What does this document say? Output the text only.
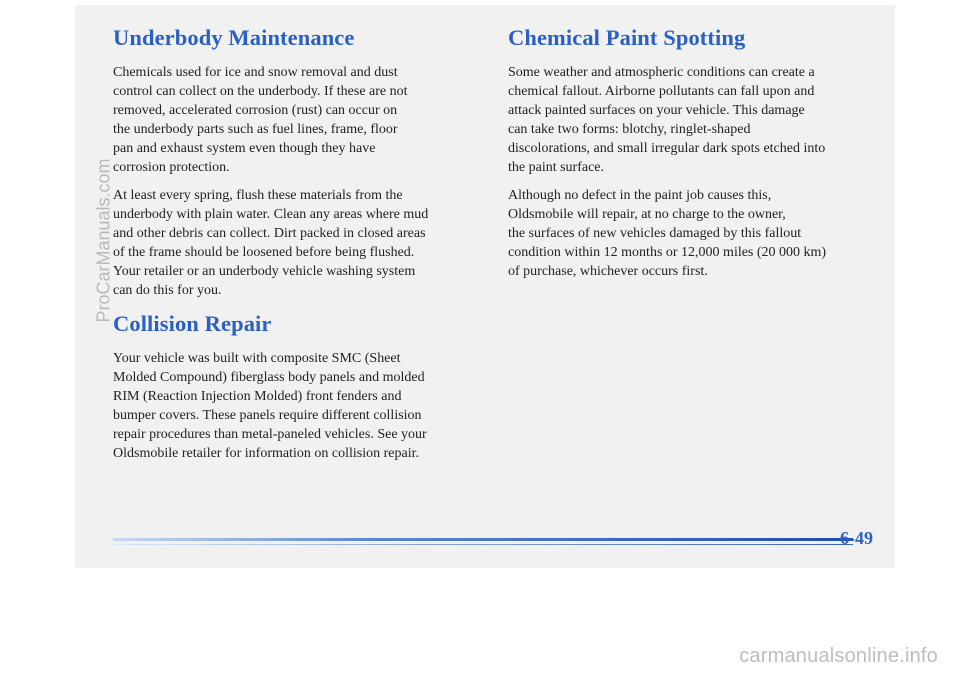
Underbody Maintenance

Chemicals used for ice and snow removal and dust
control can collect on the underbody. If these are not
removed, accelerated corrosion (rust) can occur on
the underbody parts such as fuel lines, frame, floor
pan and exhaust system even though they have
corrosion protection.

At least every spring, flush these materials from the
underbody with plain water. Clean any areas where mud
and other debris can collect. Dirt packed in closed areas
of the frame should be loosened before being flushed.
Your retailer or an underbody vehicle washing system
can do this for you.

Collision Repair

Your vehicle was built with composite SMC (Sheet
Molded Compound) fiberglass body panels and molded
RIM (Reaction Injection Molded) front fenders and
bumper covers. These panels require different collision
repair procedures than metal-paneled vehicles. See your
Oldsmobile retailer for information on collision repair.

Chemical Paint Spotting

Some weather and atmospheric conditions can create a
chemical fallout. Airborne pollutants can fall upon and
attack painted surfaces on your vehicle. This damage
can take two forms: blotchy, ringlet-shaped
discolorations, and small irregular dark spots etched into
the paint surface.

Although no defect in the paint job causes this,
Oldsmobile will repair, at no charge to the owner,
the surfaces of new vehicles damaged by this fallout
condition within 12 months or 12,000 miles (20 000 km)
of purchase, whichever occurs first.

6-49
ProCarManuals.com
carmanualsonline.info
